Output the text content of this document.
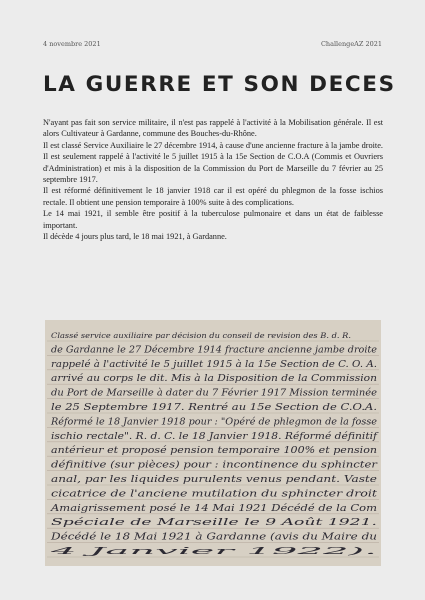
4 novembre 2021	ChallengeAZ 2021
LA GUERRE ET SON DECES

N'ayant pas fait son service militaire, il n'est pas rappelé à l'activité à la Mobilisation générale. Il est alors Cultivateur à Gardanne, commune des Bouches-du-Rhône.

Il est classé Service Auxiliaire le 27 décembre 1914, à cause d'une ancienne fracture à la jambe droite. Il est seulement rappelé à l'activité le 5 juillet 1915 à la 15e Section de C.O.A (Commis et Ouvriers d'Administration) et mis à la disposition de la Commission du Port de Marseille du 7 février au 25 septembre 1917.

Il est réformé définitivement le 18 janvier 1918 car il est opéré du phlegmon de la fosse ischios rectale. Il obtient une pension temporaire à 100% suite à des complications.

Le 14 mai 1921, il semble être positif à la tuberculose pulmonaire et dans un état de faiblesse important.

Il décède 4 jours plus tard, le 18 mai 1921, à Gardanne.

Classé service auxiliaire par décision du conseil de revision des B. d. R.
de Gardanne le 27 Décembre 1914 fracture ancienne jambe droite
rappelé à l'activité le 5 juillet 1915 à la 15e Section de C. O. A.
arrivé au corps le dit. Mis à la Disposition de la Commission
du Port de Marseille à dater du 7 Février 1917 Mission terminée
le 25 Septembre 1917. Rentré au 15e Section de C.O.A.
Réformé le 18 Janvier 1918 pour : "Opéré de phlegmon de la fosse
ischio rectale". R. d. C. le 18 Janvier 1918. Réformé définitif
antérieur et proposé pension temporaire 100% et pension
définitive (sur pièces) pour : incontinence du sphincter
anal, par les liquides purulents venus pendant. Vaste
cicatrice de l'anciene mutilation du sphincter droit
Amaigrissement posé le 14 Mai 1921 Décédé de la Com
Spéciale de Marseille le 9 Août 1921.
Décédé le 18 Mai 1921 à Gardanne (avis du Maire du
4 Janvier 1922).
